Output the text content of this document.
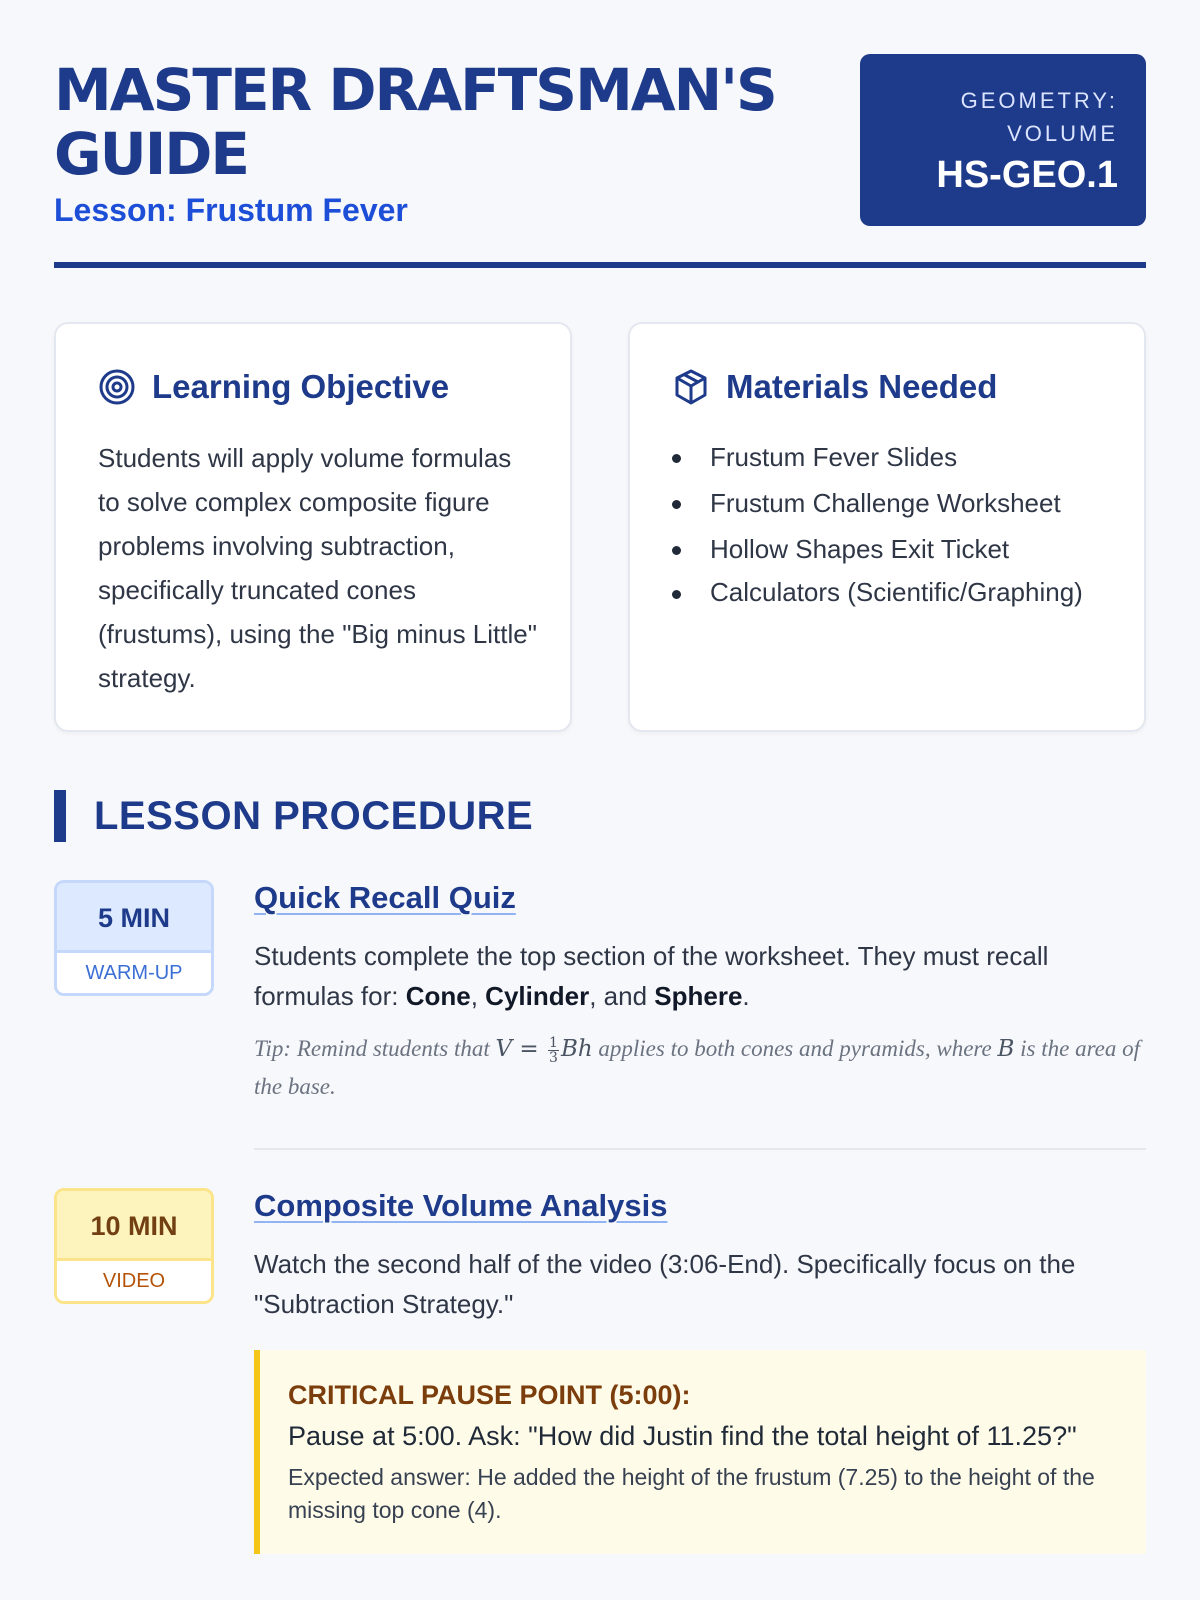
MASTER DRAFTSMAN'S GUIDE
Lesson: Frustum Fever
GEOMETRY: VOLUME
HS-GEO.1
Learning Objective

Students will apply volume formulas to solve complex composite figure problems involving subtraction, specifically truncated cones (frustums), using the "Big minus Little" strategy.

Materials Needed
Frustum Fever Slides
Frustum Challenge Worksheet
Hollow Shapes Exit Ticket
Calculators (Scientific/Graphing)
LESSON PROCEDURE
5 MIN
WARM-UP
Quick Recall Quiz

Students complete the top section of the worksheet. They must recall formulas for: Cone, Cylinder, and Sphere.

Tip: Remind students that $V = \frac{1}{3}$ Bh applies to both cones and pyramids, where B is the area of the base.

10 MIN
VIDEO
Composite Volume Analysis

Watch the second half of the video (3:06-End). Specifically focus on the "Subtraction Strategy."

CRITICAL PAUSE POINT (5:00):
Pause at 5:00. Ask: "How did Justin find the total height of 11.25?"
Expected answer: He added the height of the frustum (7.25) to the height of the missing top cone (4).
